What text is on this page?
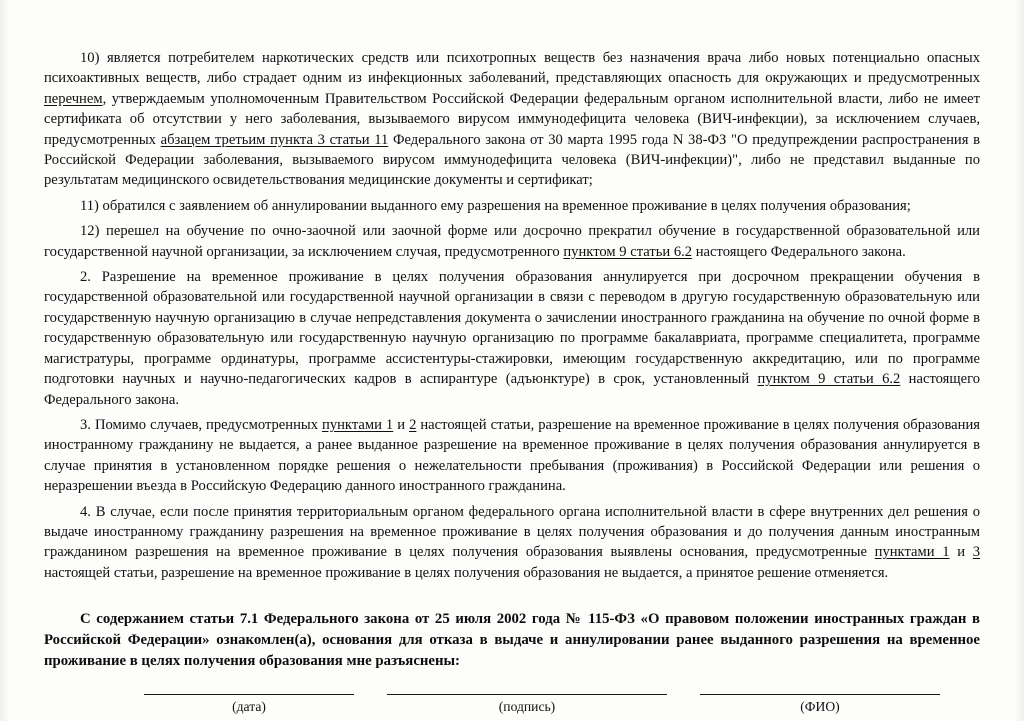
10) является потребителем наркотических средств или психотропных веществ без назначения врача либо новых потенциально опасных психоактивных веществ, либо страдает одним из инфекционных заболеваний, представляющих опасность для окружающих и предусмотренных перечнем, утверждаемым уполномоченным Правительством Российской Федерации федеральным органом исполнительной власти, либо не имеет сертификата об отсутствии у него заболевания, вызываемого вирусом иммунодефицита человека (ВИЧ-инфекции), за исключением случаев, предусмотренных абзацем третьим пункта 3 статьи 11 Федерального закона от 30 марта 1995 года N 38-ФЗ "О предупреждении распространения в Российской Федерации заболевания, вызываемого вирусом иммунодефицита человека (ВИЧ-инфекции)", либо не представил выданные по результатам медицинского освидетельствования медицинские документы и сертификат;

11) обратился с заявлением об аннулировании выданного ему разрешения на временное проживание в целях получения образования;

12) перешел на обучение по очно-заочной или заочной форме или досрочно прекратил обучение в государственной образовательной или государственной научной организации, за исключением случая, предусмотренного пунктом 9 статьи 6.2 настоящего Федерального закона.

2. Разрешение на временное проживание в целях получения образования аннулируется при досрочном прекращении обучения в государственной образовательной или государственной научной организации в связи с переводом в другую государственную образовательную или государственную научную организацию в случае непредставления документа о зачислении иностранного гражданина на обучение по очной форме в государственную образовательную или государственную научную организацию по программе бакалавриата, программе специалитета, программе магистратуры, программе ординатуры, программе ассистентуры-стажировки, имеющим государственную аккредитацию, или по программе подготовки научных и научно-педагогических кадров в аспирантуре (адъюнктуре) в срок, установленный пунктом 9 статьи 6.2 настоящего Федерального закона.

3. Помимо случаев, предусмотренных пунктами 1 и 2 настоящей статьи, разрешение на временное проживание в целях получения образования иностранному гражданину не выдается, а ранее выданное разрешение на временное проживание в целях получения образования аннулируется в случае принятия в установленном порядке решения о нежелательности пребывания (проживания) в Российской Федерации или решения о неразрешении въезда в Российскую Федерацию данного иностранного гражданина.

4. В случае, если после принятия территориальным органом федерального органа исполнительной власти в сфере внутренних дел решения о выдаче иностранному гражданину разрешения на временное проживание в целях получения образования и до получения данным иностранным гражданином разрешения на временное проживание в целях получения образования выявлены основания, предусмотренные пунктами 1 и 3 настоящей статьи, разрешение на временное проживание в целях получения образования не выдается, а принятое решение отменяется.

С содержанием статьи 7.1 Федерального закона от 25 июля 2002 года № 115-ФЗ «О правовом положении иностранных граждан в Российской Федерации» ознакомлен(а), основания для отказа в выдаче и аннулировании ранее выданного разрешения на временное проживание в целях получения образования мне разъяснены:
(дата)	(подпись)	(ФИО)
